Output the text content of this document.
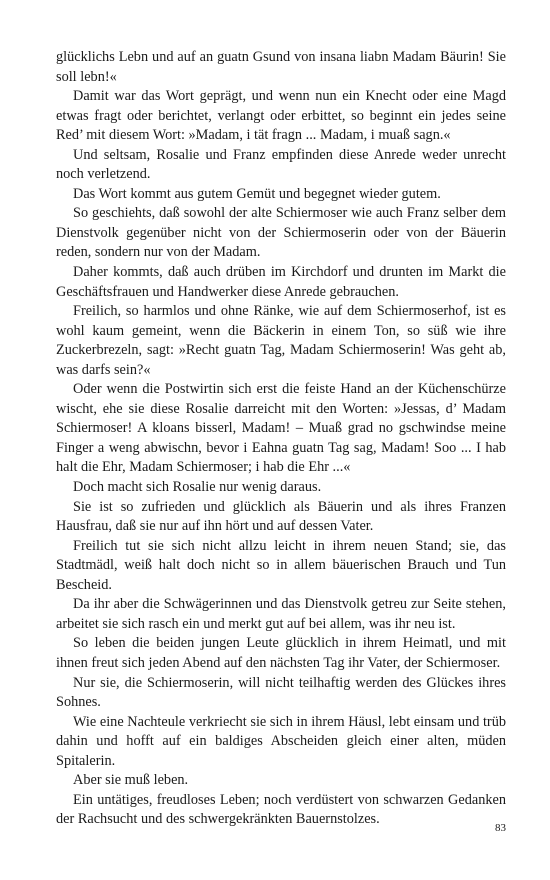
glücklichs Lebn und auf an guatn Gsund von insana liabn Madam Bäurin! Sie soll lebn!«

Damit war das Wort geprägt, und wenn nun ein Knecht oder eine Magd etwas fragt oder berichtet, verlangt oder erbittet, so beginnt ein jedes seine Red’ mit diesem Wort: »Madam, i tät fragn ... Madam, i muaß sagn.«

Und seltsam, Rosalie und Franz empfinden diese Anrede weder unrecht noch verletzend.

Das Wort kommt aus gutem Gemüt und begegnet wieder gutem.

So geschiehts, daß sowohl der alte Schiermoser wie auch Franz selber dem Dienstvolk gegenüber nicht von der Schiermoserin oder von der Bäuerin reden, sondern nur von der Madam.

Daher kommts, daß auch drüben im Kirchdorf und drunten im Markt die Geschäftsfrauen und Handwerker diese Anrede gebrauchen.

Freilich, so harmlos und ohne Ränke, wie auf dem Schiermoserhof, ist es wohl kaum gemeint, wenn die Bäckerin in einem Ton, so süß wie ihre Zuckerbrezeln, sagt: »Recht guatn Tag, Madam Schiermoserin! Was geht ab, was darfs sein?«

Oder wenn die Postwirtin sich erst die feiste Hand an der Küchenschürze wischt, ehe sie diese Rosalie darreicht mit den Worten: »Jessas, d’ Madam Schiermoser! A kloans bisserl, Madam! – Muaß grad no gschwindse meine Finger a weng abwischn, bevor i Eahna guatn Tag sag, Madam! Soo ... I hab halt die Ehr, Madam Schiermoser; i hab die Ehr ...«

Doch macht sich Rosalie nur wenig daraus.

Sie ist so zufrieden und glücklich als Bäuerin und als ihres Franzen Hausfrau, daß sie nur auf ihn hört und auf dessen Vater.

Freilich tut sie sich nicht allzu leicht in ihrem neuen Stand; sie, das Stadtmädl, weiß halt doch nicht so in allem bäuerischen Brauch und Tun Bescheid.

Da ihr aber die Schwägerinnen und das Dienstvolk getreu zur Seite stehen, arbeitet sie sich rasch ein und merkt gut auf bei allem, was ihr neu ist.

So leben die beiden jungen Leute glücklich in ihrem Heimatl, und mit ihnen freut sich jeden Abend auf den nächsten Tag ihr Vater, der Schiermoser.

Nur sie, die Schiermoserin, will nicht teilhaftig werden des Glückes ihres Sohnes.

Wie eine Nachteule verkriecht sie sich in ihrem Häusl, lebt einsam und trüb dahin und hofft auf ein baldiges Abscheiden gleich einer alten, müden Spitalerin.

Aber sie muß leben.

Ein untätiges, freudloses Leben; noch verdüstert von schwarzen Gedanken der Rachsucht und des schwergekränkten Bauernstolzes.

83
